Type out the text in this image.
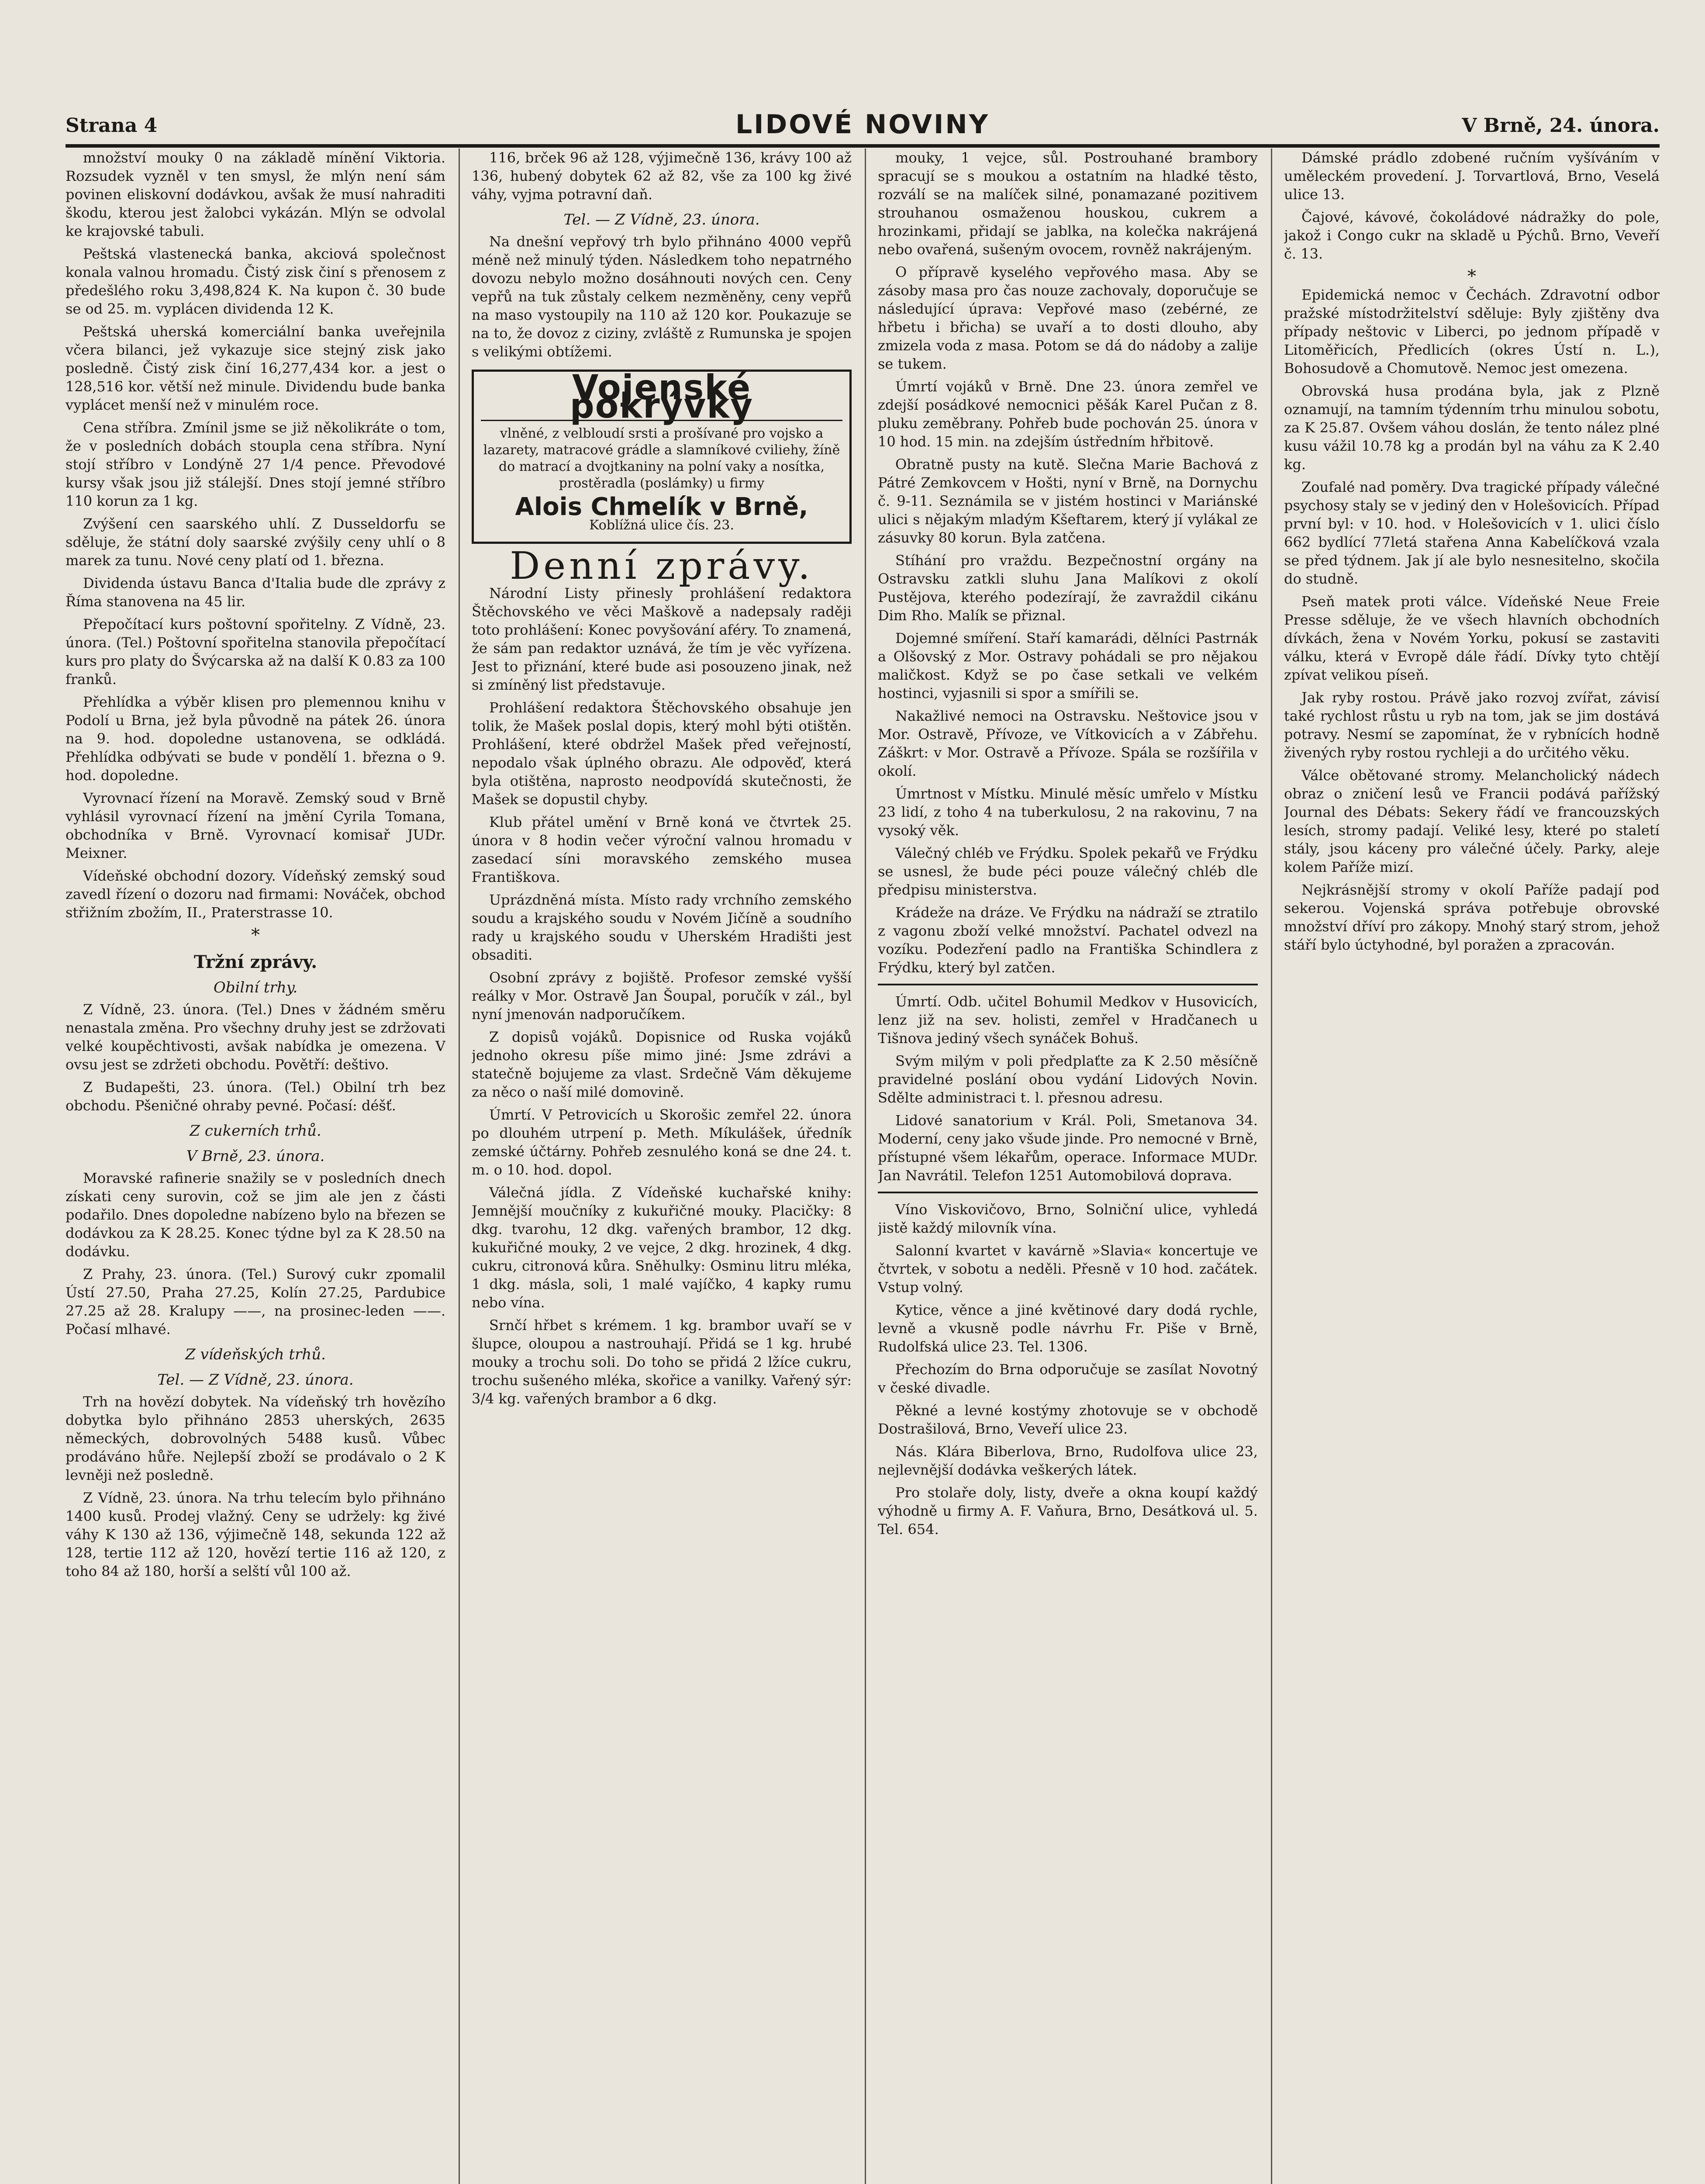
Strana 4	LIDOVÉ NOVINY	V Brně, 24. února.

množství mouky 0 na základě mínění Viktoria. Rozsudek vyzněl v ten smysl, že mlýn není sám povinen eliskovní dodávkou, avšak že musí nahraditi škodu, kterou jest žalobci vykázán. Mlýn se odvolal ke krajovské tabuli.

Peštská vlastenecká banka, akciová společnost konala valnou hromadu. Čistý zisk činí s přenosem z předešlého roku 3,498,824 K. Na kupon č. 30 bude se od 25. m. vyplácen dividenda 12 K.

Peštská uherská komerciální banka uveřejnila včera bilanci, jež vykazuje sice stejný zisk jako posledně. Čistý zisk činí 16,277,434 kor. a jest o 128,516 kor. větší než minule. Dividendu bude banka vyplácet menší než v minulém roce.

Cena stříbra. Zmínil jsme se již několikráte o tom, že v posledních dobách stoupla cena stříbra. Nyní stojí stříbro v Londýně 27 1/4 pence. Převodové kursy však jsou již stálejší. Dnes stojí jemné stříbro 110 korun za 1 kg.

Zvýšení cen saarského uhlí. Z Dusseldorfu se sděluje, že státní doly saarské zvýšily ceny uhlí o 8 marek za tunu. Nové ceny platí od 1. března.

Dividenda ústavu Banca d'Italia bude dle zprávy z Říma stanovena na 45 lir.

Přepočítací kurs poštovní spořitelny. Z Vídně, 23. února. (Tel.) Poštovní spořitelna stanovila přepočítací kurs pro platy do Švýcarska až na další K 0.83 za 100 franků.

Přehlídka a výběr klisen pro plemennou knihu v Podolí u Brna, jež byla původně na pátek 26. února na 9. hod. dopoledne ustanovena, se odkládá. Přehlídka odbývati se bude v pondělí 1. března o 9. hod. dopoledne.

Vyrovnací řízení na Moravě. Zemský soud v Brně vyhlásil vyrovnací řízení na jmění Cyrila Tomana, obchodníka v Brně. Vyrovnací komisař JUDr. Meixner.

Vídeňské obchodní dozory. Vídeňský zemský soud zavedl řízení o dozoru nad firmami: Nováček, obchod střižním zbožím, II., Praterstrasse 10.

*
Tržní zprávy.
Obilní trhy.

Z Vídně, 23. února. (Tel.) Dnes v žádném směru nenastala změna. Pro všechny druhy jest se zdržovati velké koupěchtivosti, avšak nabídka je omezena. V ovsu jest se zdržeti obchodu. Povětří: deštivo.

Z Budapešti, 23. února. (Tel.) Obilní trh bez obchodu. Pšeničné ohraby pevné. Počasí: déšť.

Z cukerních trhů.
V Brně, 23. února.

Moravské rafinerie snažily se v posledních dnech získati ceny surovin, což se jim ale jen z části podařilo. Dnes dopoledne nabízeno bylo na březen se dodávkou za K 28.25. Konec týdne byl za K 28.50 na dodávku.

Z Prahy, 23. února. (Tel.) Surový cukr zpomalil Ústí 27.50, Praha 27.25, Kolín 27.25, Pardubice 27.25 až 28. Kralupy ——, na prosinec-leden ——. Počasí mlhavé.

Z vídeňských trhů.
Tel. — Z Vídně, 23. února.

Trh na hovězí dobytek. Na vídeňský trh hovězího dobytka bylo přihnáno 2853 uherských, 2635 německých, dobrovolných 5488 kusů. Vůbec prodáváno hůře. Nejlepší zboží se prodávalo o 2 K levněji než posledně.

Z Vídně, 23. února. Na trhu telecím bylo přihnáno 1400 kusů. Prodej vlažný. Ceny se udržely: kg živé váhy K 130 až 136, výjimečně 148, sekunda 122 až 128, tertie 112 až 120, hovězí tertie 116 až 120, z toho 84 až 180, horší a selští vůl 100 až.

116, brček 96 až 128, výjimečně 136, krávy 100 až 136, hubený dobytek 62 až 82, vše za 100 kg živé váhy, vyjma potravní daň.

Tel. — Z Vídně, 23. února.

Na dnešní vepřový trh bylo přihnáno 4000 vepřů méně než minulý týden. Následkem toho nepatrného dovozu nebylo možno dosáhnouti nových cen. Ceny vepřů na tuk zůstaly celkem nezměněny, ceny vepřů na maso vystoupily na 110 až 120 kor. Poukazuje se na to, že dovoz z ciziny, zvláště z Rumunska je spojen s velikými obtížemi.

Vojenské pokrývky
vlněné, z velbloudí srsti a prošívané pro vojsko a lazarety, matracové grádle a slamníkové cviliehy, žíně do matrací a dvojtkaniny na polní vaky a nosítka, prostěradla (poslámky) u firmy
Alois Chmelík v Brně,
Koblížná ulice čís. 23.
Denní zprávy.

Národní Listy přinesly prohlášení redaktora Štěchovského ve věci Maškově a nadepsaly raději toto prohlášení: Konec povyšování aféry. To znamená, že sám pan redaktor uznává, že tím je věc vyřízena. Jest to přiznání, které bude asi posouzeno jinak, než si zmíněný list představuje.

Prohlášení redaktora Štěchovského obsahuje jen tolik, že Mašek poslal dopis, který mohl býti otištěn. Prohlášení, které obdržel Mašek před veřejností, nepodalo však úplného obrazu. Ale odpověď, která byla otištěna, naprosto neodpovídá skutečnosti, že Mašek se dopustil chyby.

Klub přátel umění v Brně koná ve čtvrtek 25. února v 8 hodin večer výroční valnou hromadu v zasedací síni moravského zemského musea Františkova.

Uprázdněná místa. Místo rady vrchního zemského soudu a krajského soudu v Novém Jičíně a soudního rady u krajského soudu v Uherském Hradišti jest obsaditi.

Osobní zprávy z bojiště. Profesor zemské vyšší reálky v Mor. Ostravě Jan Šoupal, poručík v zál., byl nyní jmenován nadporučíkem.

Z dopisů vojáků. Dopisnice od Ruska vojáků jednoho okresu píše mimo jiné: Jsme zdrávi a statečně bojujeme za vlast. Srdečně Vám děkujeme za něco o naší milé domovině.

Úmrtí. V Petrovicích u Skorošic zemřel 22. února po dlouhém utrpení p. Meth. Míkulášek, úředník zemské účtárny. Pohřeb zesnulého koná se dne 24. t. m. o 10. hod. dopol.

Válečná jídla. Z Vídeňské kuchařské knihy: Jemnější moučníky z kukuřičné mouky. Placičky: 8 dkg. tvarohu, 12 dkg. vařených brambor, 12 dkg. kukuřičné mouky, 2 ve vejce, 2 dkg. hrozinek, 4 dkg. cukru, citronová kůra. Sněhulky: Osminu litru mléka, 1 dkg. másla, soli, 1 malé vajíčko, 4 kapky rumu nebo vína.

Srnčí hřbet s krémem. 1 kg. brambor uvaří se v šlupce, oloupou a nastrouhají. Přidá se 1 kg. hrubé mouky a trochu soli. Do toho se přidá 2 lžíce cukru, trochu sušeného mléka, skořice a vanilky. Vařený sýr: 3/4 kg. vařených brambor a 6 dkg.

mouky, 1 vejce, sůl. Postrouhané brambory spracují se s moukou a ostatním na hladké těsto, rozválí se na malíček silné, ponamazané pozitivem strouhanou osmaženou houskou, cukrem a hrozinkami, přidají se jablka, na kolečka nakrájená nebo ovařená, sušeným ovocem, rovněž nakrájeným.

O přípravě kyselého vepřového masa. Aby se zásoby masa pro čas nouze zachovaly, doporučuje se následující úprava: Vepřové maso (zebérné, ze hřbetu i břicha) se uvaří a to dosti dlouho, aby zmizela voda z masa. Potom se dá do nádoby a zalije se tukem.

Úmrtí vojáků v Brně. Dne 23. února zemřel ve zdejší posádkové nemocnici pěšák Karel Pučan z 8. pluku zeměbrany. Pohřeb bude pochován 25. února v 10 hod. 15 min. na zdejším ústředním hřbitově.

Obratně pusty na kutě. Slečna Marie Bachová z Pátré Zemkovcem v Hošti, nyní v Brně, na Dornychu č. 9-11. Seznámila se v jistém hostinci v Mariánské ulici s nějakým mladým Kšeftarem, který jí vylákal ze zásuvky 80 korun. Byla zatčena.

Stíhání pro vraždu. Bezpečnostní orgány na Ostravsku zatkli sluhu Jana Malíkovi z okolí Pustějova, kterého podezírají, že zavraždil cikánu Dim Rho. Malík se přiznal.

Dojemné smíření. Staří kamarádi, dělníci Pastrnák a Olšovský z Mor. Ostravy pohádali se pro nějakou maličkost. Když se po čase setkali ve velkém hostinci, vyjasnili si spor a smířili se.

Nakažlivé nemoci na Ostravsku. Neštovice jsou v Mor. Ostravě, Přívoze, ve Vítkovicích a v Zábřehu. Záškrt: v Mor. Ostravě a Přívoze. Spála se rozšířila v okolí.

Úmrtnost v Místku. Minulé měsíc umřelo v Místku 23 lidí, z toho 4 na tuberkulosu, 2 na rakovinu, 7 na vysoký věk.

Válečný chléb ve Frýdku. Spolek pekařů ve Frýdku se usnesl, že bude péci pouze válečný chléb dle předpisu ministerstva.

Krádeže na dráze. Ve Frýdku na nádraží se ztratilo z vagonu zboží velké množství. Pachatel odvezl na vozíku. Podezření padlo na Františka Schindlera z Frýdku, který byl zatčen.

Úmrtí. Odb. učitel Bohumil Medkov v Husovicích, lenz již na sev. holisti, zemřel v Hradčanech u Tišnova jediný všech synáček Bohuš.

Svým milým v poli předplaťte za K 2.50 měsíčně pravidelné poslání obou vydání Lidových Novin. Sdělte administraci t. l. přesnou adresu.

Lidové sanatorium v Král. Poli, Smetanova 34. Moderní, ceny jako všude jinde. Pro nemocné v Brně, přístupné všem lékařům, operace. Informace MUDr. Jan Navrátil. Telefon 1251 Automobilová doprava.

Víno Viskovičovo, Brno, Solniční ulice, vyhledá jistě každý milovník vína.

Salonní kvartet v kavárně »Slavia« koncertuje ve čtvrtek, v sobotu a neděli. Přesně v 10 hod. začátek. Vstup volný.

Kytice, věnce a jiné květinové dary dodá rychle, levně a vkusně podle návrhu Fr. Piše v Brně, Rudolfská ulice 23. Tel. 1306.

Přechozím do Brna odporučuje se zasílat Novotný v české divadle.

Pěkné a levné kostýmy zhotovuje se v obchodě Dostrašilová, Brno, Veveří ulice 23.

Nás. Klára Biberlova, Brno, Rudolfova ulice 23, nejlevnější dodávka veškerých látek.

Pro stolaře doly, listy, dveře a okna koupí každý výhodně u firmy A. F. Vaňura, Brno, Desátková ul. 5. Tel. 654.

Dámské prádlo zdobené ručním vyšíváním v uměleckém provedení. J. Torvartlová, Brno, Veselá ulice 13.

Čajové, kávové, čokoládové nádražky do pole, jakož i Congo cukr na skladě u Pýchů. Brno, Veveří č. 13.

*

Epidemická nemoc v Čechách. Zdravotní odbor pražské místodržitelství sděluje: Byly zjištěny dva případy neštovic v Liberci, po jednom případě v Litoměřicích, Předlicích (okres Ústí n. L.), Bohosudově a Chomutově. Nemoc jest omezena.

Obrovská husa prodána byla, jak z Plzně oznamují, na tamním týdenním trhu minulou sobotu, za K 25.87. Ovšem váhou doslán, že tento nález plné kusu vážil 10.78 kg a prodán byl na váhu za K 2.40 kg.

Zoufalé nad poměry. Dva tragické případy válečné psychosy staly se v jediný den v Holešovicích. Případ první byl: v 10. hod. v Holešovicích v 1. ulici číslo 662 bydlící 77letá stařena Anna Kabelíčková vzala se před týdnem. Jak jí ale bylo nesnesitelno, skočila do studně.

Pseň matek proti válce. Vídeňské Neue Freie Presse sděluje, že ve všech hlavních obchodních dívkách, žena v Novém Yorku, pokusí se zastaviti válku, která v Evropě dále řádí. Dívky tyto chtějí zpívat velikou píseň.

Jak ryby rostou. Právě jako rozvoj zvířat, závisí také rychlost růstu u ryb na tom, jak se jim dostává potravy. Nesmí se zapomínat, že v rybnících hodně živených ryby rostou rychleji a do určitého věku.

Válce obětované stromy. Melancholický nádech obraz o zničení lesů ve Francii podává pařížský Journal des Débats: Sekery řádí ve francouzských lesích, stromy padají. Veliké lesy, které po staletí stály, jsou káceny pro válečné účely. Parky, aleje kolem Paříže mizí.

Nejkrásnější stromy v okolí Paříže padají pod sekerou. Vojenská správa potřebuje obrovské množství dříví pro zákopy. Mnohý starý strom, jehož stáří bylo úctyhodné, byl poražen a zpracován.
